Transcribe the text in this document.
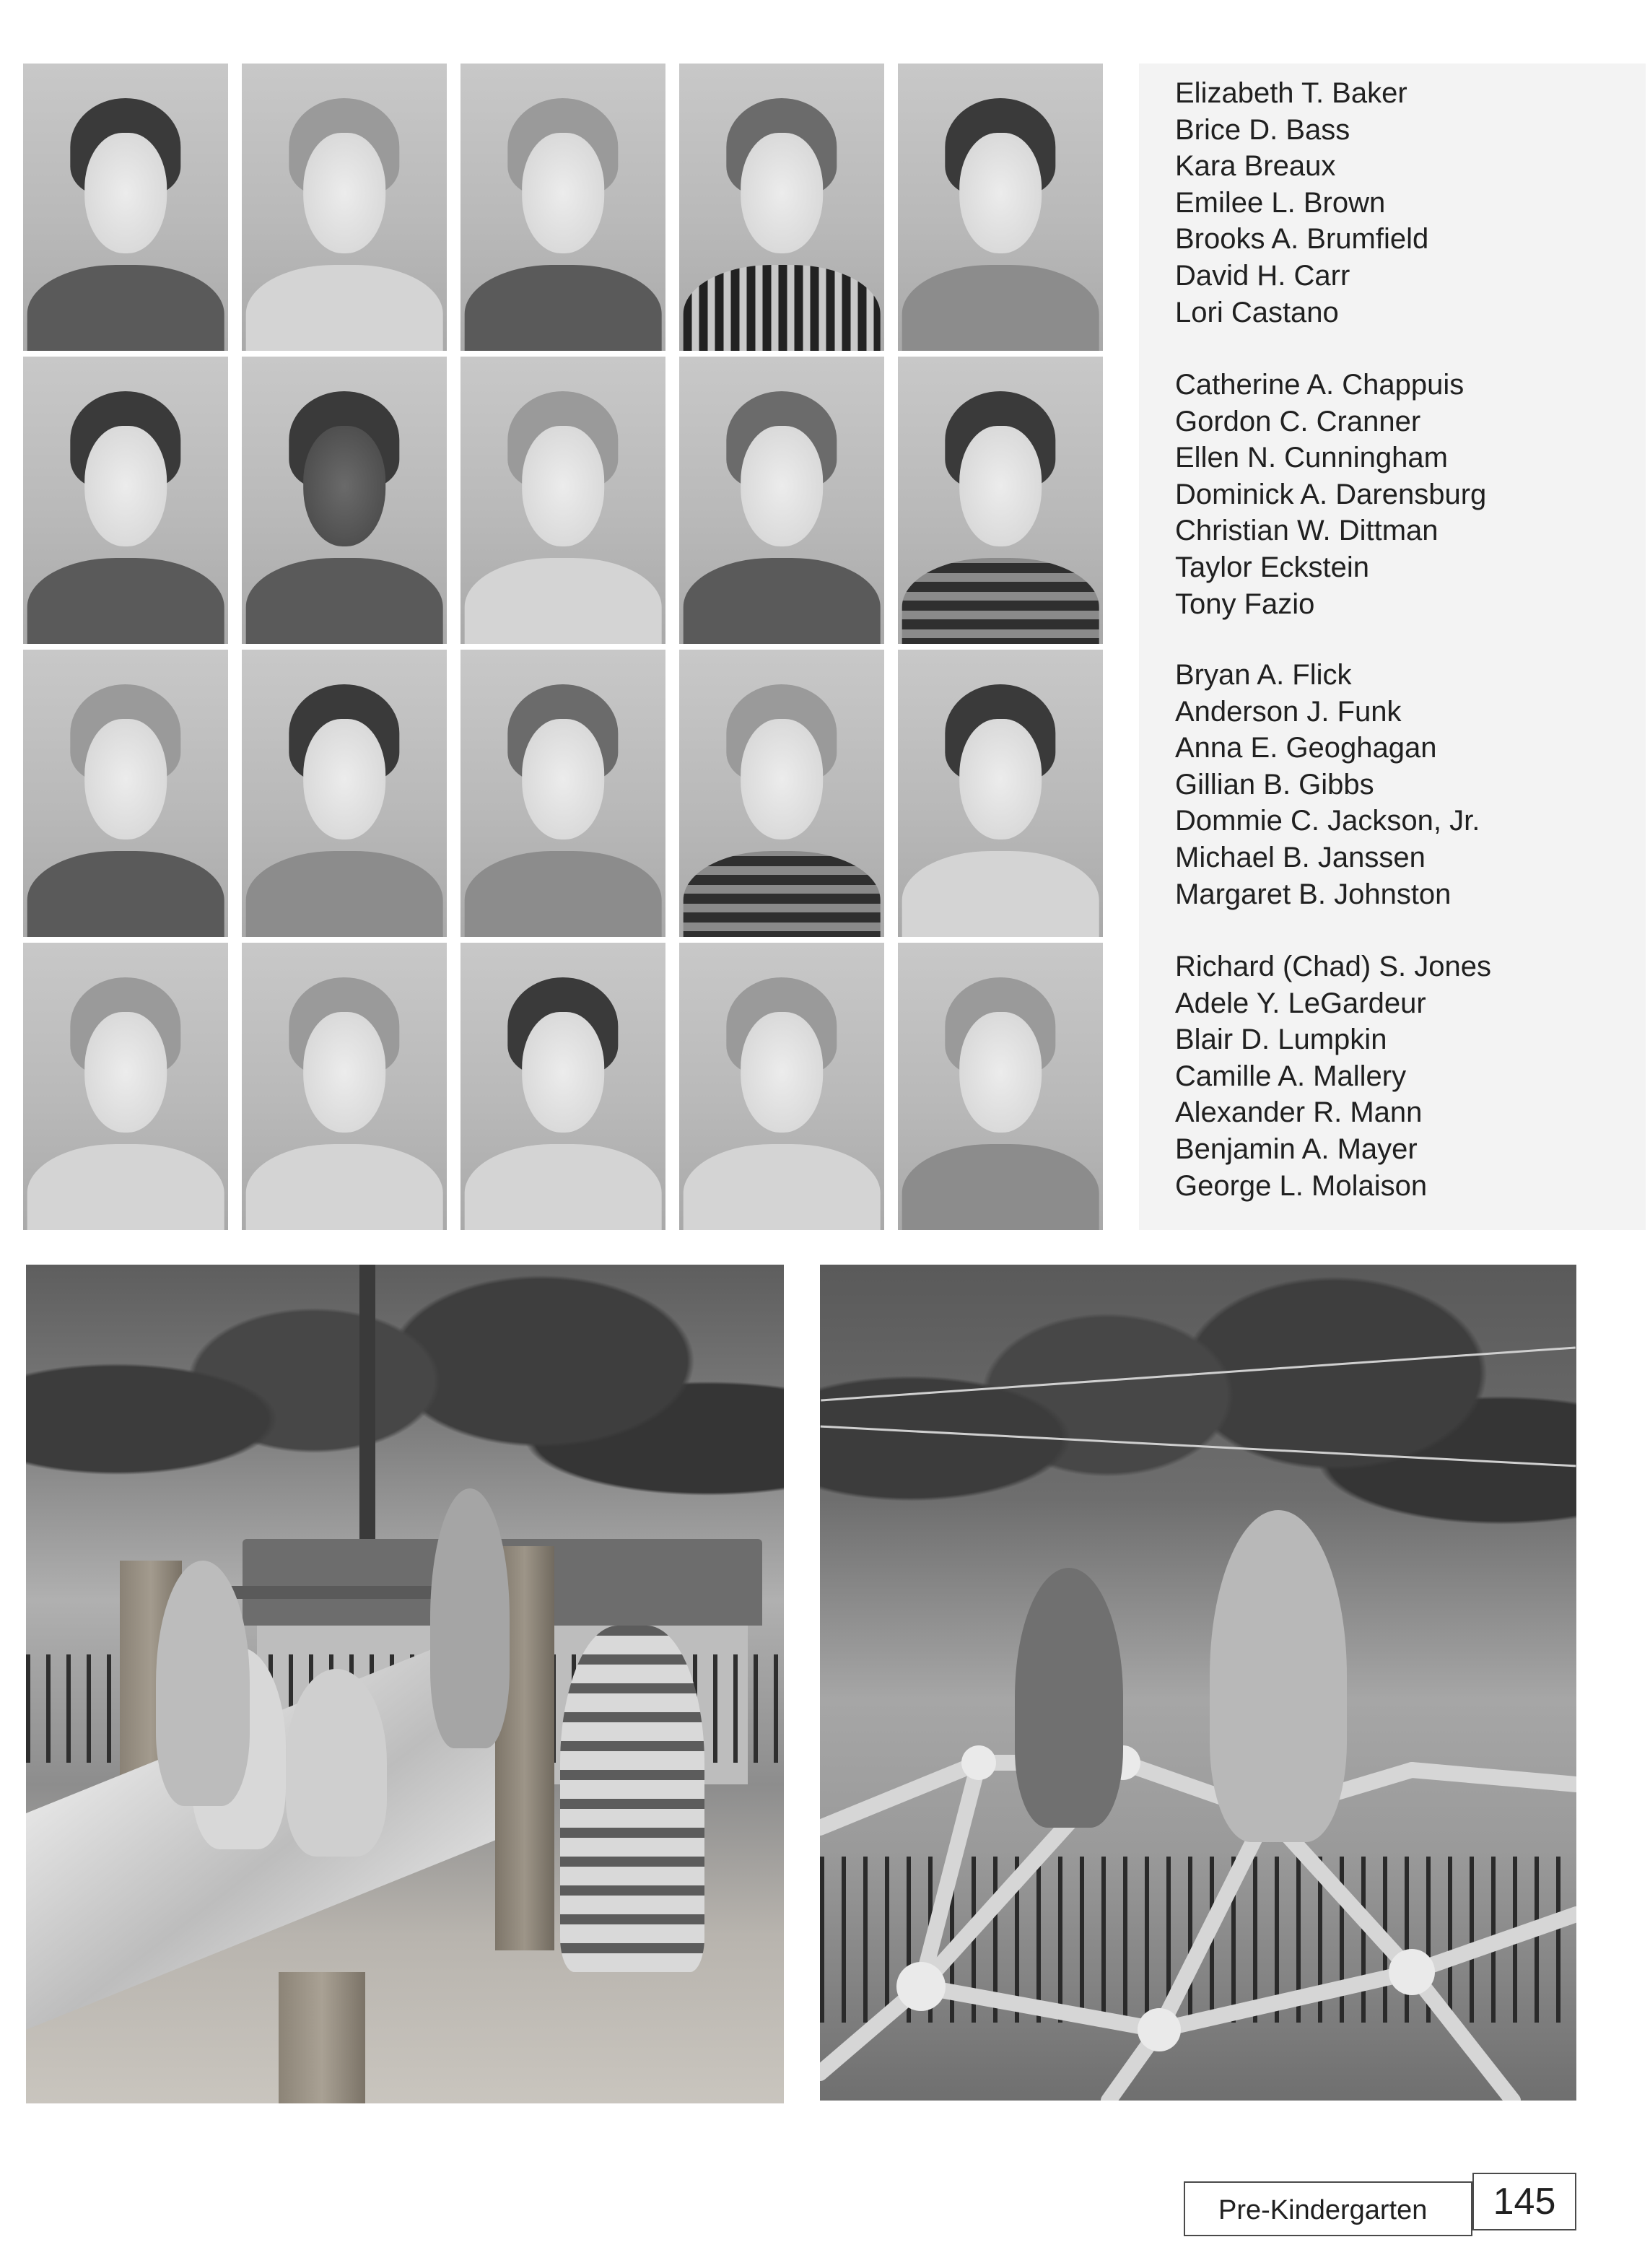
Elizabeth T. Baker
Brice D. Bass
Kara Breaux
Emilee L. Brown
Brooks A. Brumfield
David H. Carr
Lori Castano
Catherine A. Chappuis
Gordon C. Cranner
Ellen N. Cunningham
Dominick A. Darensburg
Christian W. Dittman
Taylor Eckstein
Tony Fazio
Bryan A. Flick
Anderson J. Funk
Anna E. Geoghagan
Gillian B. Gibbs
Dommie C. Jackson, Jr.
Michael B. Janssen
Margaret B. Johnston
Richard (Chad) S. Jones
Adele Y. LeGardeur
Blair D. Lumpkin
Camille A. Mallery
Alexander R. Mann
Benjamin A. Mayer
George L. Molaison
Pre-Kindergarten	145
